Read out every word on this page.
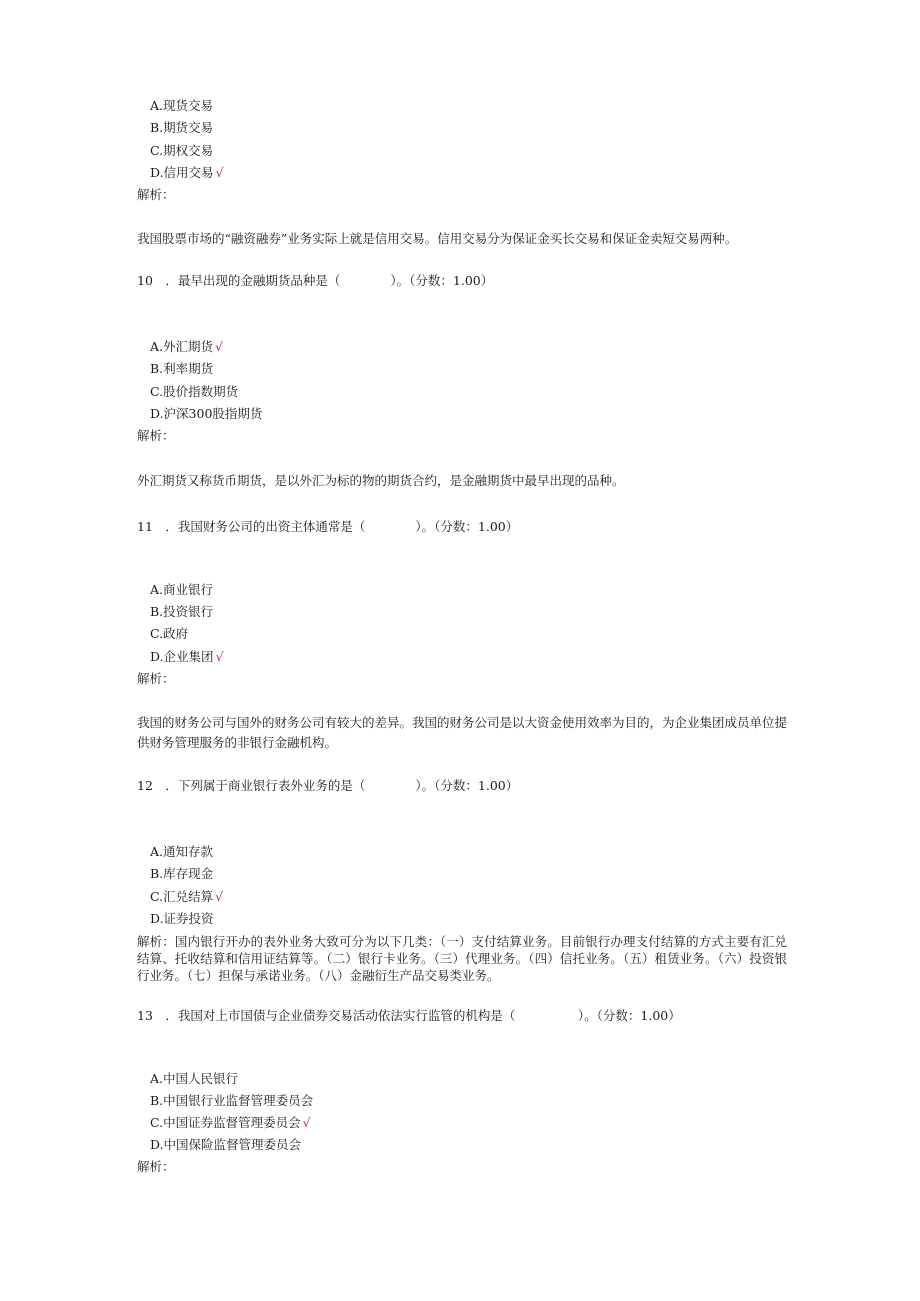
A.现货交易
B.期货交易
C.期权交易
D.信用交易 √
解析：
我国股票市场的“融资融券”业务实际上就是信用交易。信用交易分为保证金买长交易和保证金卖短交易两种。
10　．最早出现的金融期货品种是（　　　　）。（分数：1.00）
A.外汇期货 √
B.利率期货
C.股价指数期货
D.沪深300股指期货
解析：
外汇期货又称货币期货，是以外汇为标的物的期货合约，是金融期货中最早出现的品种。
11　．我国财务公司的出资主体通常是（　　　　）。（分数：1.00）
A.商业银行
B.投资银行
C.政府
D.企业集团 √
解析：
我国的财务公司与国外的财务公司有较大的差异。我国的财务公司是以大资金使用效率为目的，为企业集团成员单位提供财务管理服务的非银行金融机构。
12　．下列属于商业银行表外业务的是（　　　　）。（分数：1.00）
A.通知存款
B.库存现金
C.汇兑结算 √
D.证券投资
解析：国内银行开办的表外业务大致可分为以下几类：（一）支付结算业务。目前银行办理支付结算的方式主要有汇兑结算、托收结算和信用证结算等。（二）银行卡业务。（三）代理业务。（四）信托业务。（五）租赁业务。（六）投资银行业务。（七）担保与承诺业务。（八）金融衍生产品交易类业务。
13　．我国对上市国债与企业债券交易活动依法实行监管的机构是（　　　　　）。（分数：1.00）
A.中国人民银行
B.中国银行业监督管理委员会
C.中国证券监督管理委员会 √
D.中国保险监督管理委员会
解析：
